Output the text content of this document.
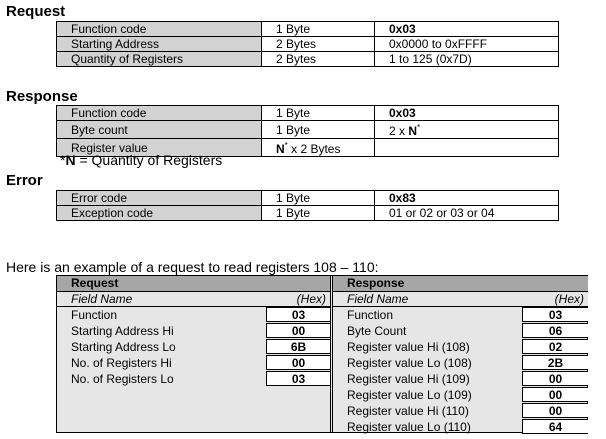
Request
Function code	1 Byte	0x03
Starting Address	2 Bytes	0x0000 to 0xFFFF
Quantity of Registers	2 Bytes	1 to 125 (0x7D)
Response
Function code	1 Byte	0x03
Byte count	1 Byte	2 x N*
Register value	N* x 2 Bytes	
*N = Quantity of Registers
Error
Error code	1 Byte	0x83
Exception code	1 Byte	01 or 02 or 03 or 04
Here is an example of a request to read registers 108 – 110:
Request
Field Name	(Hex)
Function	03
Starting Address Hi	00
Starting Address Lo	6B
No. of Registers Hi	00
No. of Registers Lo	03
Response
Field Name	(Hex)
Function	03
Byte Count	06
Register value Hi (108)	02
Register value Lo (108)	2B
Register value Hi (109)	00
Register value Lo (109)	00
Register value Hi (110)	00
Register value Lo (110)	64
